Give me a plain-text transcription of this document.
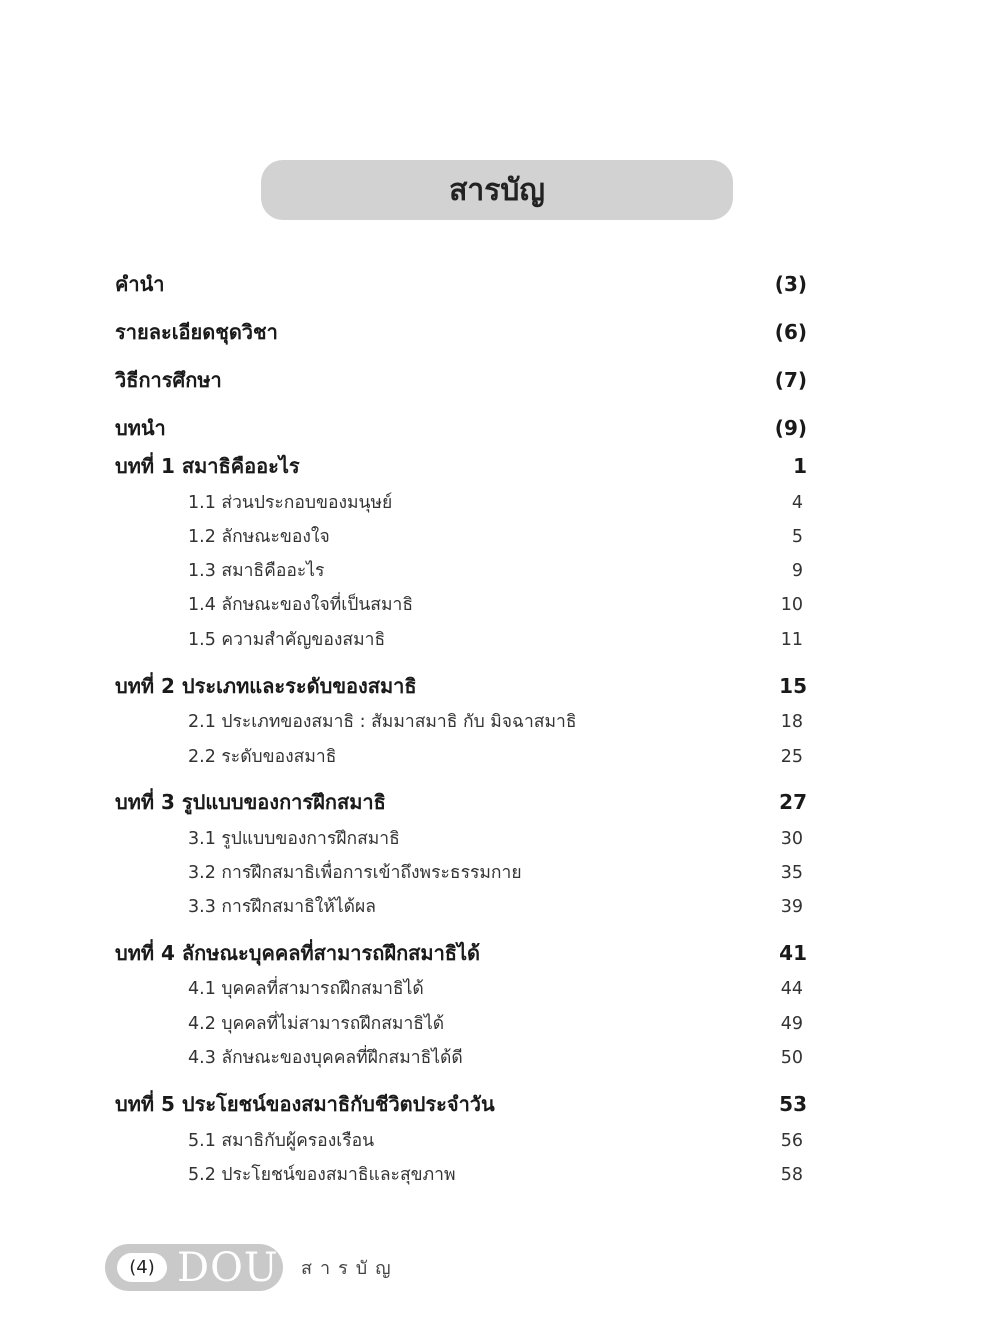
สารบัญ
คำนำ	(3)
รายละเอียดชุดวิชา	(6)
วิธีการศึกษา	(7)
บทนำ	(9)
บทที่ 1 สมาธิคืออะไร	1
1.1 ส่วนประกอบของมนุษย์	4
1.2 ลักษณะของใจ	5
1.3 สมาธิคืออะไร	9
1.4 ลักษณะของใจที่เป็นสมาธิ	10
1.5 ความสำคัญของสมาธิ	11
บทที่ 2 ประเภทและระดับของสมาธิ	15
2.1 ประเภทของสมาธิ : สัมมาสมาธิ กับ มิจฉาสมาธิ	18
2.2 ระดับของสมาธิ	25
บทที่ 3 รูปแบบของการฝึกสมาธิ	27
3.1 รูปแบบของการฝึกสมาธิ	30
3.2 การฝึกสมาธิเพื่อการเข้าถึงพระธรรมกาย	35
3.3 การฝึกสมาธิให้ได้ผล	39
บทที่ 4 ลักษณะบุคคลที่สามารถฝึกสมาธิได้	41
4.1 บุคคลที่สามารถฝึกสมาธิได้	44
4.2 บุคคลที่ไม่สามารถฝึกสมาธิได้	49
4.3 ลักษณะของบุคคลที่ฝึกสมาธิได้ดี	50
บทที่ 5 ประโยชน์ของสมาธิกับชีวิตประจำวัน	53
5.1 สมาธิกับผู้ครองเรือน	56
5.2 ประโยชน์ของสมาธิและสุขภาพ	58
(4) DOU สารบัญ
